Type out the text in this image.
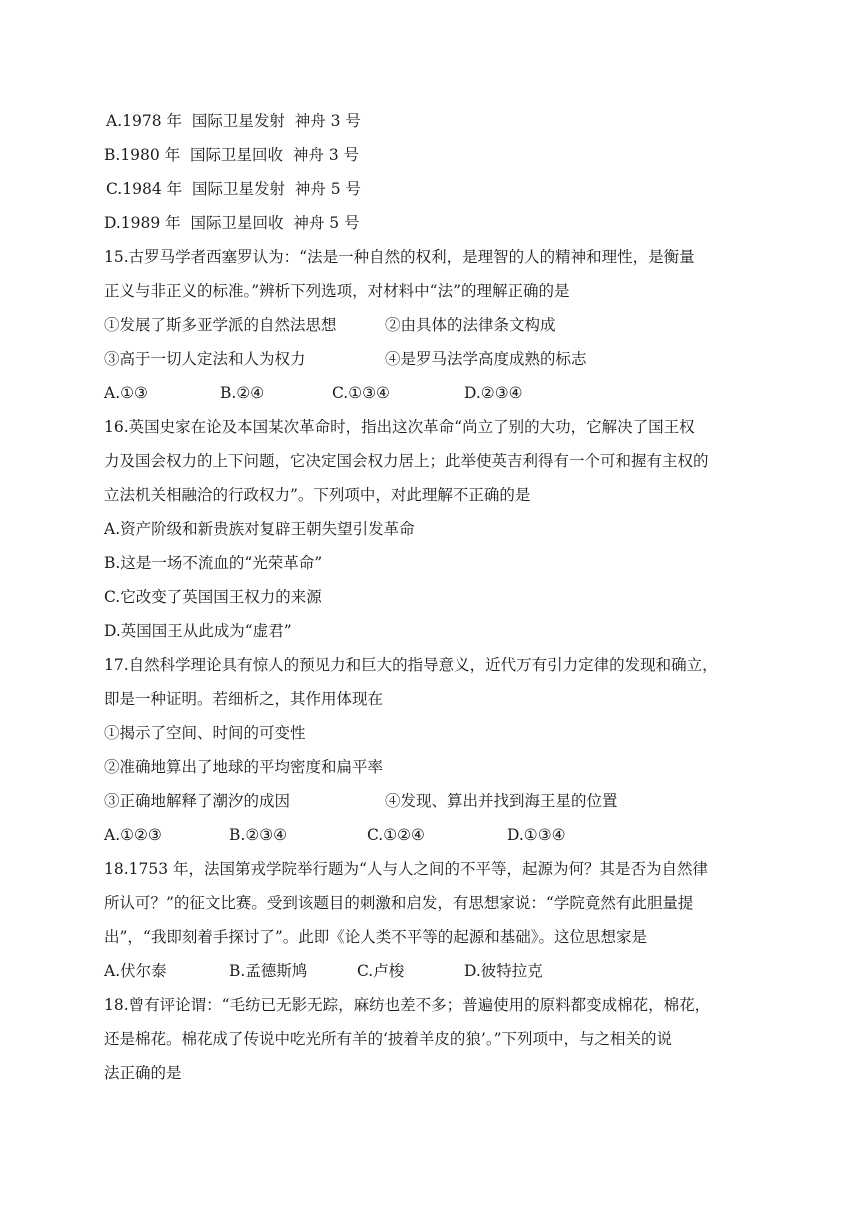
A.1978 年  国际卫星发射  神舟 3 号
B.1980 年  国际卫星回收  神舟 3 号
C.1984 年  国际卫星发射  神舟 5 号
D.1989 年  国际卫星回收  神舟 5 号
15.古罗马学者西塞罗认为：“法是一种自然的权利，是理智的人的精神和理性，是衡量
正义与非正义的标准。”辨析下列选项，对材料中“法”的理解正确的是

①发展了斯多亚学派的自然法思想

	②由具体的法律条文构成

③高于一切人定法和人为权力

	④是罗马法学高度成熟的标志

A.①③

	B.②④

	C.①③④

	D.②③④

16.英国史家在论及本国某次革命时，指出这次革命“尚立了别的大功，它解决了国王权
力及国会权力的上下问题，它决定国会权力居上；此举使英吉利得有一个可和握有主权的
立法机关相融洽的行政权力”。下列项中，对此理解不正确的是
A.资产阶级和新贵族对复辟王朝失望引发革命
B.这是一场不流血的“光荣革命”
C.它改变了英国国王权力的来源
D.英国国王从此成为“虚君”
17.自然科学理论具有惊人的预见力和巨大的指导意义，近代万有引力定律的发现和确立，
即是一种证明。若细析之，其作用体现在
①揭示了空间、时间的可变性
②准确地算出了地球的平均密度和扁平率

③正确地解释了潮汐的成因

	④发现、算出并找到海王星的位置

A.①②③

	B.②③④

	C.①②④

	D.①③④

18.1753 年，法国第戎学院举行题为“人与人之间的不平等，起源为何？其是否为自然律
所认可？”的征文比赛。受到该题目的刺激和启发，有思想家说：“学院竟然有此胆量提
出”，“我即刻着手探讨了”。此即《论人类不平等的起源和基础》。这位思想家是

A.伏尔泰

	B.孟德斯鸠

	C.卢梭

	D.彼特拉克

18.曾有评论谓：“毛纺已无影无踪，麻纺也差不多；普遍使用的原料都变成棉花，棉花，
还是棉花。棉花成了传说中吃光所有羊的‘披着羊皮的狼’。”下列项中，与之相关的说
法正确的是
